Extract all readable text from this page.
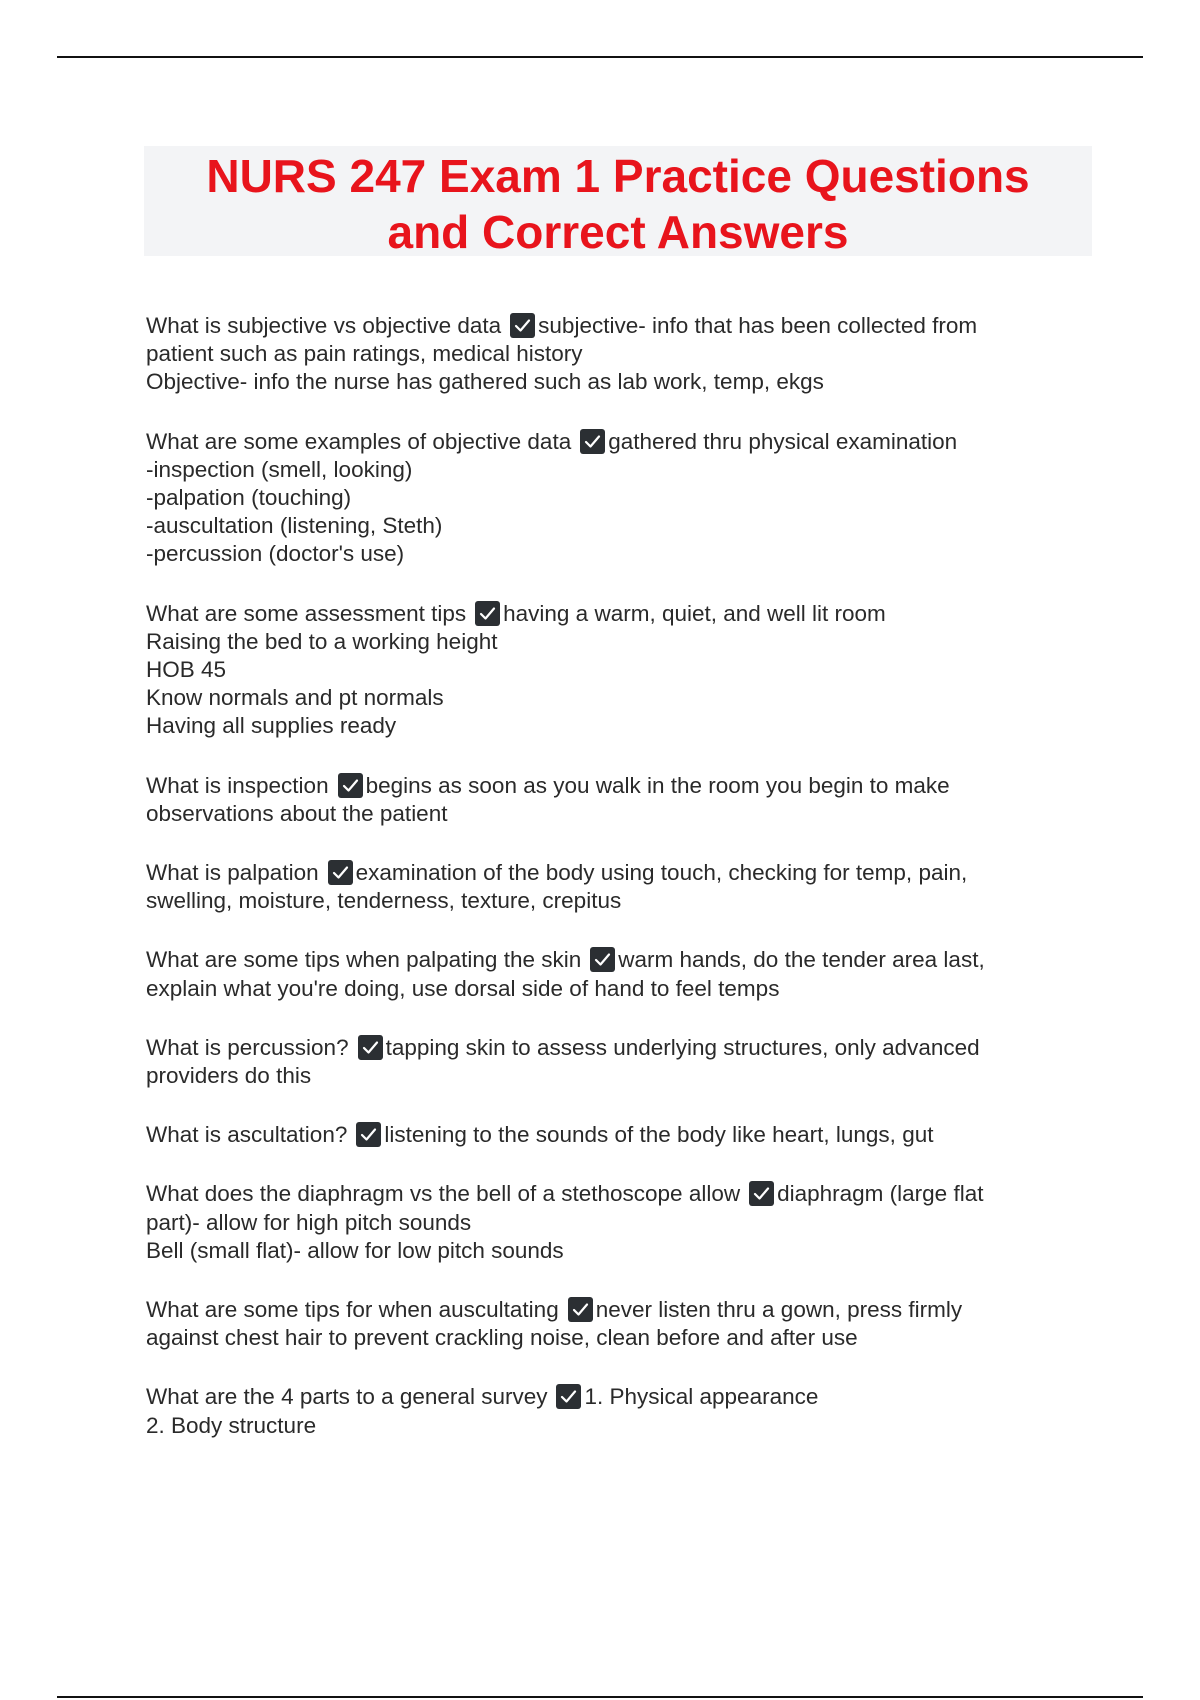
NURS 247 Exam 1 Practice Questions
and Correct Answers
What is subjective vs objective data subjective- info that has been collected from
patient such as pain ratings, medical history
Objective- info the nurse has gathered such as lab work, temp, ekgs
What are some examples of objective data gathered thru physical examination
-inspection (smell, looking)
-palpation (touching)
-auscultation (listening, Steth)
-percussion (doctor's use)
What are some assessment tips having a warm, quiet, and well lit room
Raising the bed to a working height
HOB 45
Know normals and pt normals
Having all supplies ready
What is inspection begins as soon as you walk in the room you begin to make
observations about the patient
What is palpation examination of the body using touch, checking for temp, pain,
swelling, moisture, tenderness, texture, crepitus
What are some tips when palpating the skin warm hands, do the tender area last,
explain what you're doing, use dorsal side of hand to feel temps
What is percussion? tapping skin to assess underlying structures, only advanced
providers do this
What is ascultation? listening to the sounds of the body like heart, lungs, gut
What does the diaphragm vs the bell of a stethoscope allow diaphragm (large flat
part)- allow for high pitch sounds
Bell (small flat)- allow for low pitch sounds
What are some tips for when auscultating never listen thru a gown, press firmly
against chest hair to prevent crackling noise, clean before and after use
What are the 4 parts to a general survey 1. Physical appearance
2. Body structure
